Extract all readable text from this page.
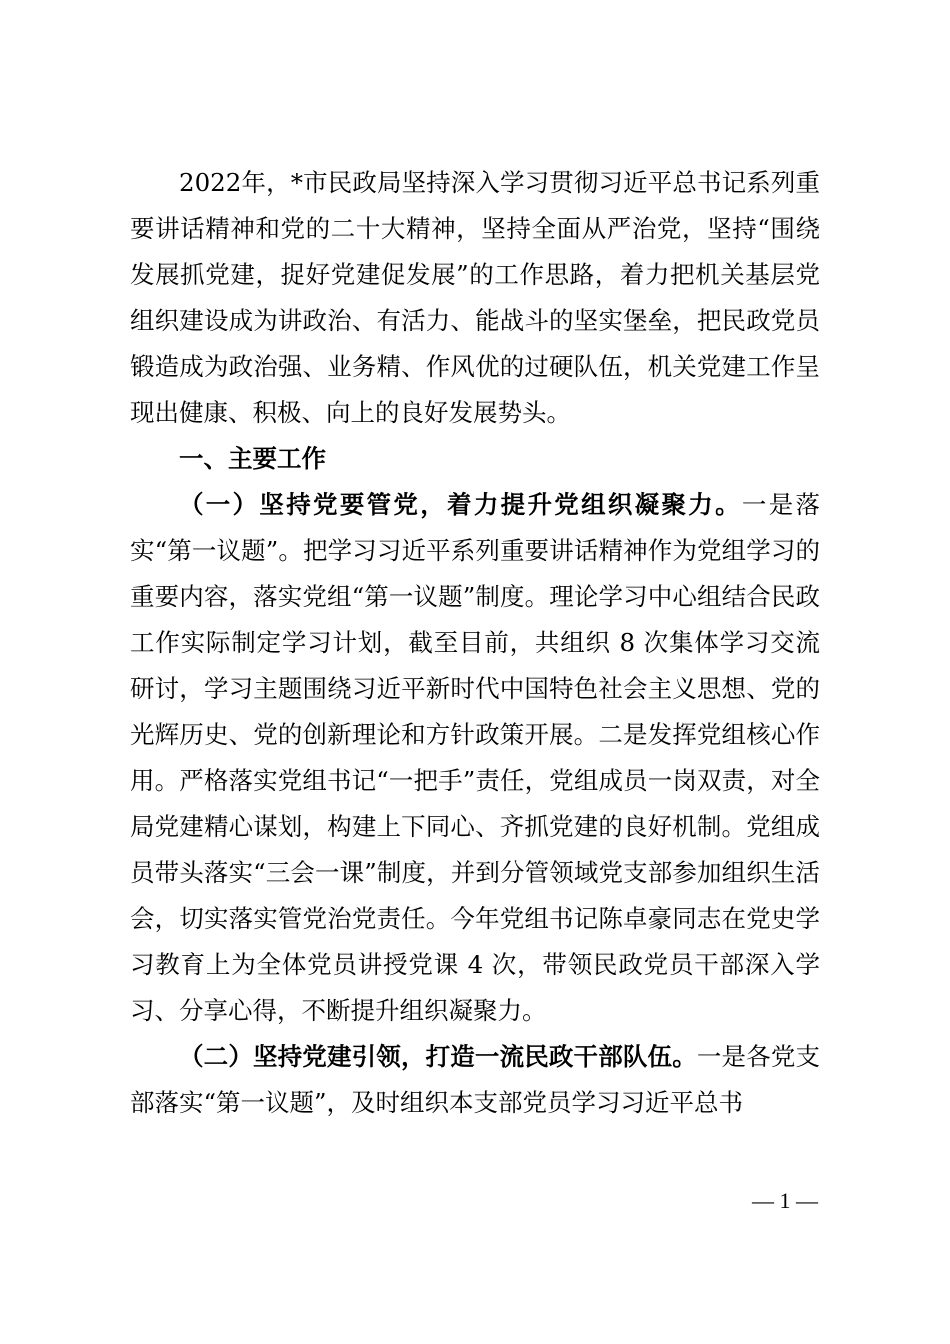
2022年，*市民政局坚持深入学习贯彻习近平总书记系列重要讲话精神和党的二十大精神，坚持全面从严治党，坚持“围绕发展抓党建，捉好党建促发展”的工作思路，着力把机关基层党组织建设成为讲政治、有活力、能战斗的坚实堡垒，把民政党员锻造成为政治强、业务精、作风优的过硬队伍，机关党建工作呈现出健康、积极、向上的良好发展势头。

一、主要工作

（一）坚持党要管党，着力提升党组织凝聚力。一是落实“第一议题”。把学习习近平系列重要讲话精神作为党组学习的重要内容，落实党组“第一议题”制度。理论学习中心组结合民政工作实际制定学习计划，截至目前，共组织 8 次集体学习交流研讨，学习主题围绕习近平新时代中国特色社会主义思想、党的光辉历史、党的创新理论和方针政策开展。二是发挥党组核心作用。严格落实党组书记“一把手”责任，党组成员一岗双责，对全局党建精心谋划，构建上下同心、齐抓党建的良好机制。党组成员带头落实“三会一课”制度，并到分管领域党支部参加组织生活会，切实落实管党治党责任。今年党组书记陈卓豪同志在党史学习教育上为全体党员讲授党课 4 次，带领民政党员干部深入学习、分享心得，不断提升组织凝聚力。

（二）坚持党建引领，打造一流民政干部队伍。一是各党支部落实“第一议题”，及时组织本支部党员学习习近平总书

— 1 —
